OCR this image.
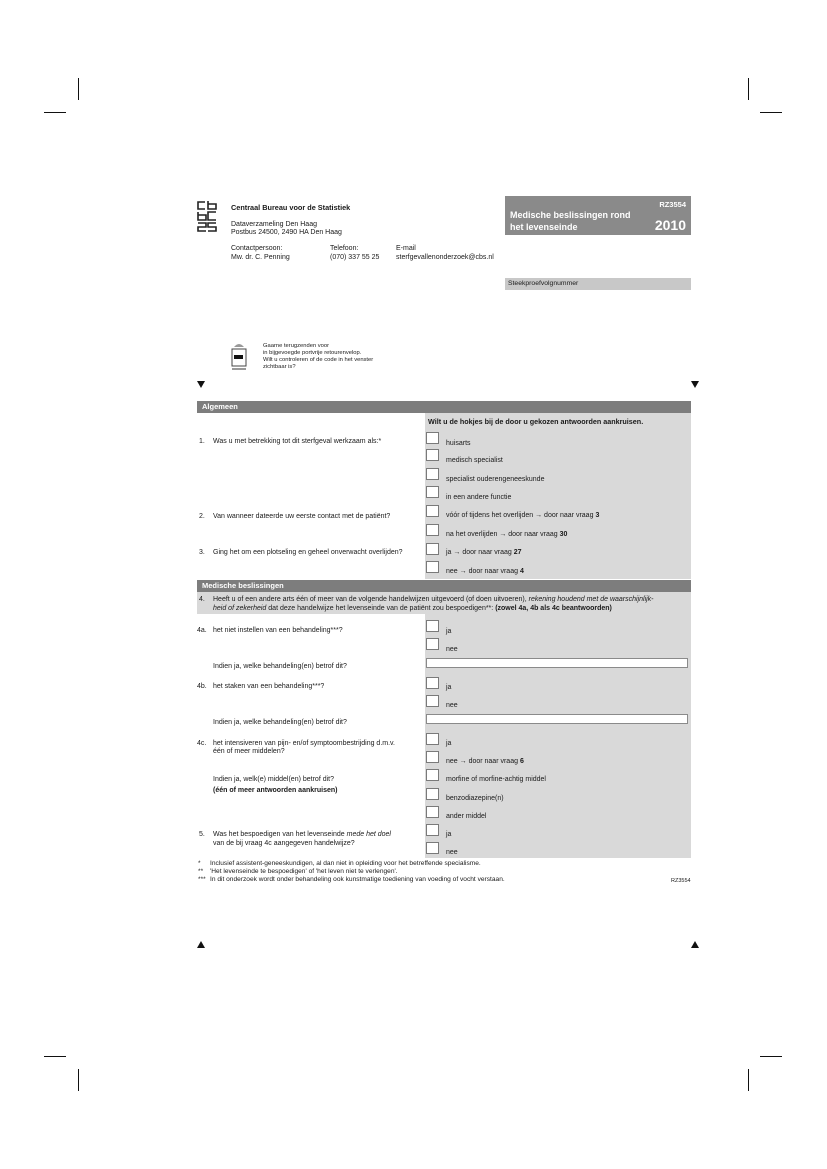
Centraal Bureau voor de Statistiek
Dataverzameling Den Haag
Postbus 24500, 2490 HA Den Haag
Contactpersoon:
Mw. dr. C. Penning
Telefoon:
(070) 337 55 25
E-mail
sterfgevallenonderzoek@cbs.nl
RZ3554
Medische beslissingen rond
het levenseinde	2010
Steekproefvolgnummer
Gaarne terugzenden voor
in bijgevoegde portvrije retourenvelop.
Wilt u controleren of de code in het venster
zichtbaar is?
Algemeen
Wilt u de hokjes bij de door u gekozen antwoorden aankruisen.
1. Was u met betrekking tot dit sterfgeval werkzaam als:*	huisarts
medisch specialist
specialist ouderengeneeskunde
in een andere functie
2. Van wanneer dateerde uw eerste contact met de patiënt?	vóór of tijdens het overlijden → door naar vraag 3
na het overlijden → door naar vraag 30
3. Ging het om een plotseling en geheel onverwacht overlijden?	ja → door naar vraag 27
nee → door naar vraag 4
Medische beslissingen
4. Heeft u of een andere arts één of meer van de volgende handelwijzen uitgevoerd (of doen uitvoeren), rekening houdend met de waarschijnlijk-
heid of zekerheid dat deze handelwijze het levenseinde van de patiënt zou bespoedigen**: (zowel 4a, 4b als 4c beantwoorden)
4a. het niet instellen van een behandeling***?	ja
nee
Indien ja, welke behandeling(en) betrof dit?
4b. het staken van een behandeling***?	ja
nee
Indien ja, welke behandeling(en) betrof dit?
4c. het intensiveren van pijn- en/of symptoombestrijding d.m.v.
één of meer middelen?
ja
nee → door naar vraag 6
Indien ja, welk(e) middel(en) betrof dit?
(één of meer antwoorden aankruisen)
morfine of morfine-achtig middel
benzodiazepine(n)
ander middel
5. Was het bespoedigen van het levenseinde mede het doel
van de bij vraag 4c aangegeven handelwijze?
ja
nee
* Inclusief assistent-geneeskundigen, al dan niet in opleiding voor het betreffende specialisme.
** 'Het levenseinde te bespoedigen' of 'het leven niet te verlengen'.
*** In dit onderzoek wordt onder behandeling ook kunstmatige toediening van voeding of vocht verstaan.	RZ3554
